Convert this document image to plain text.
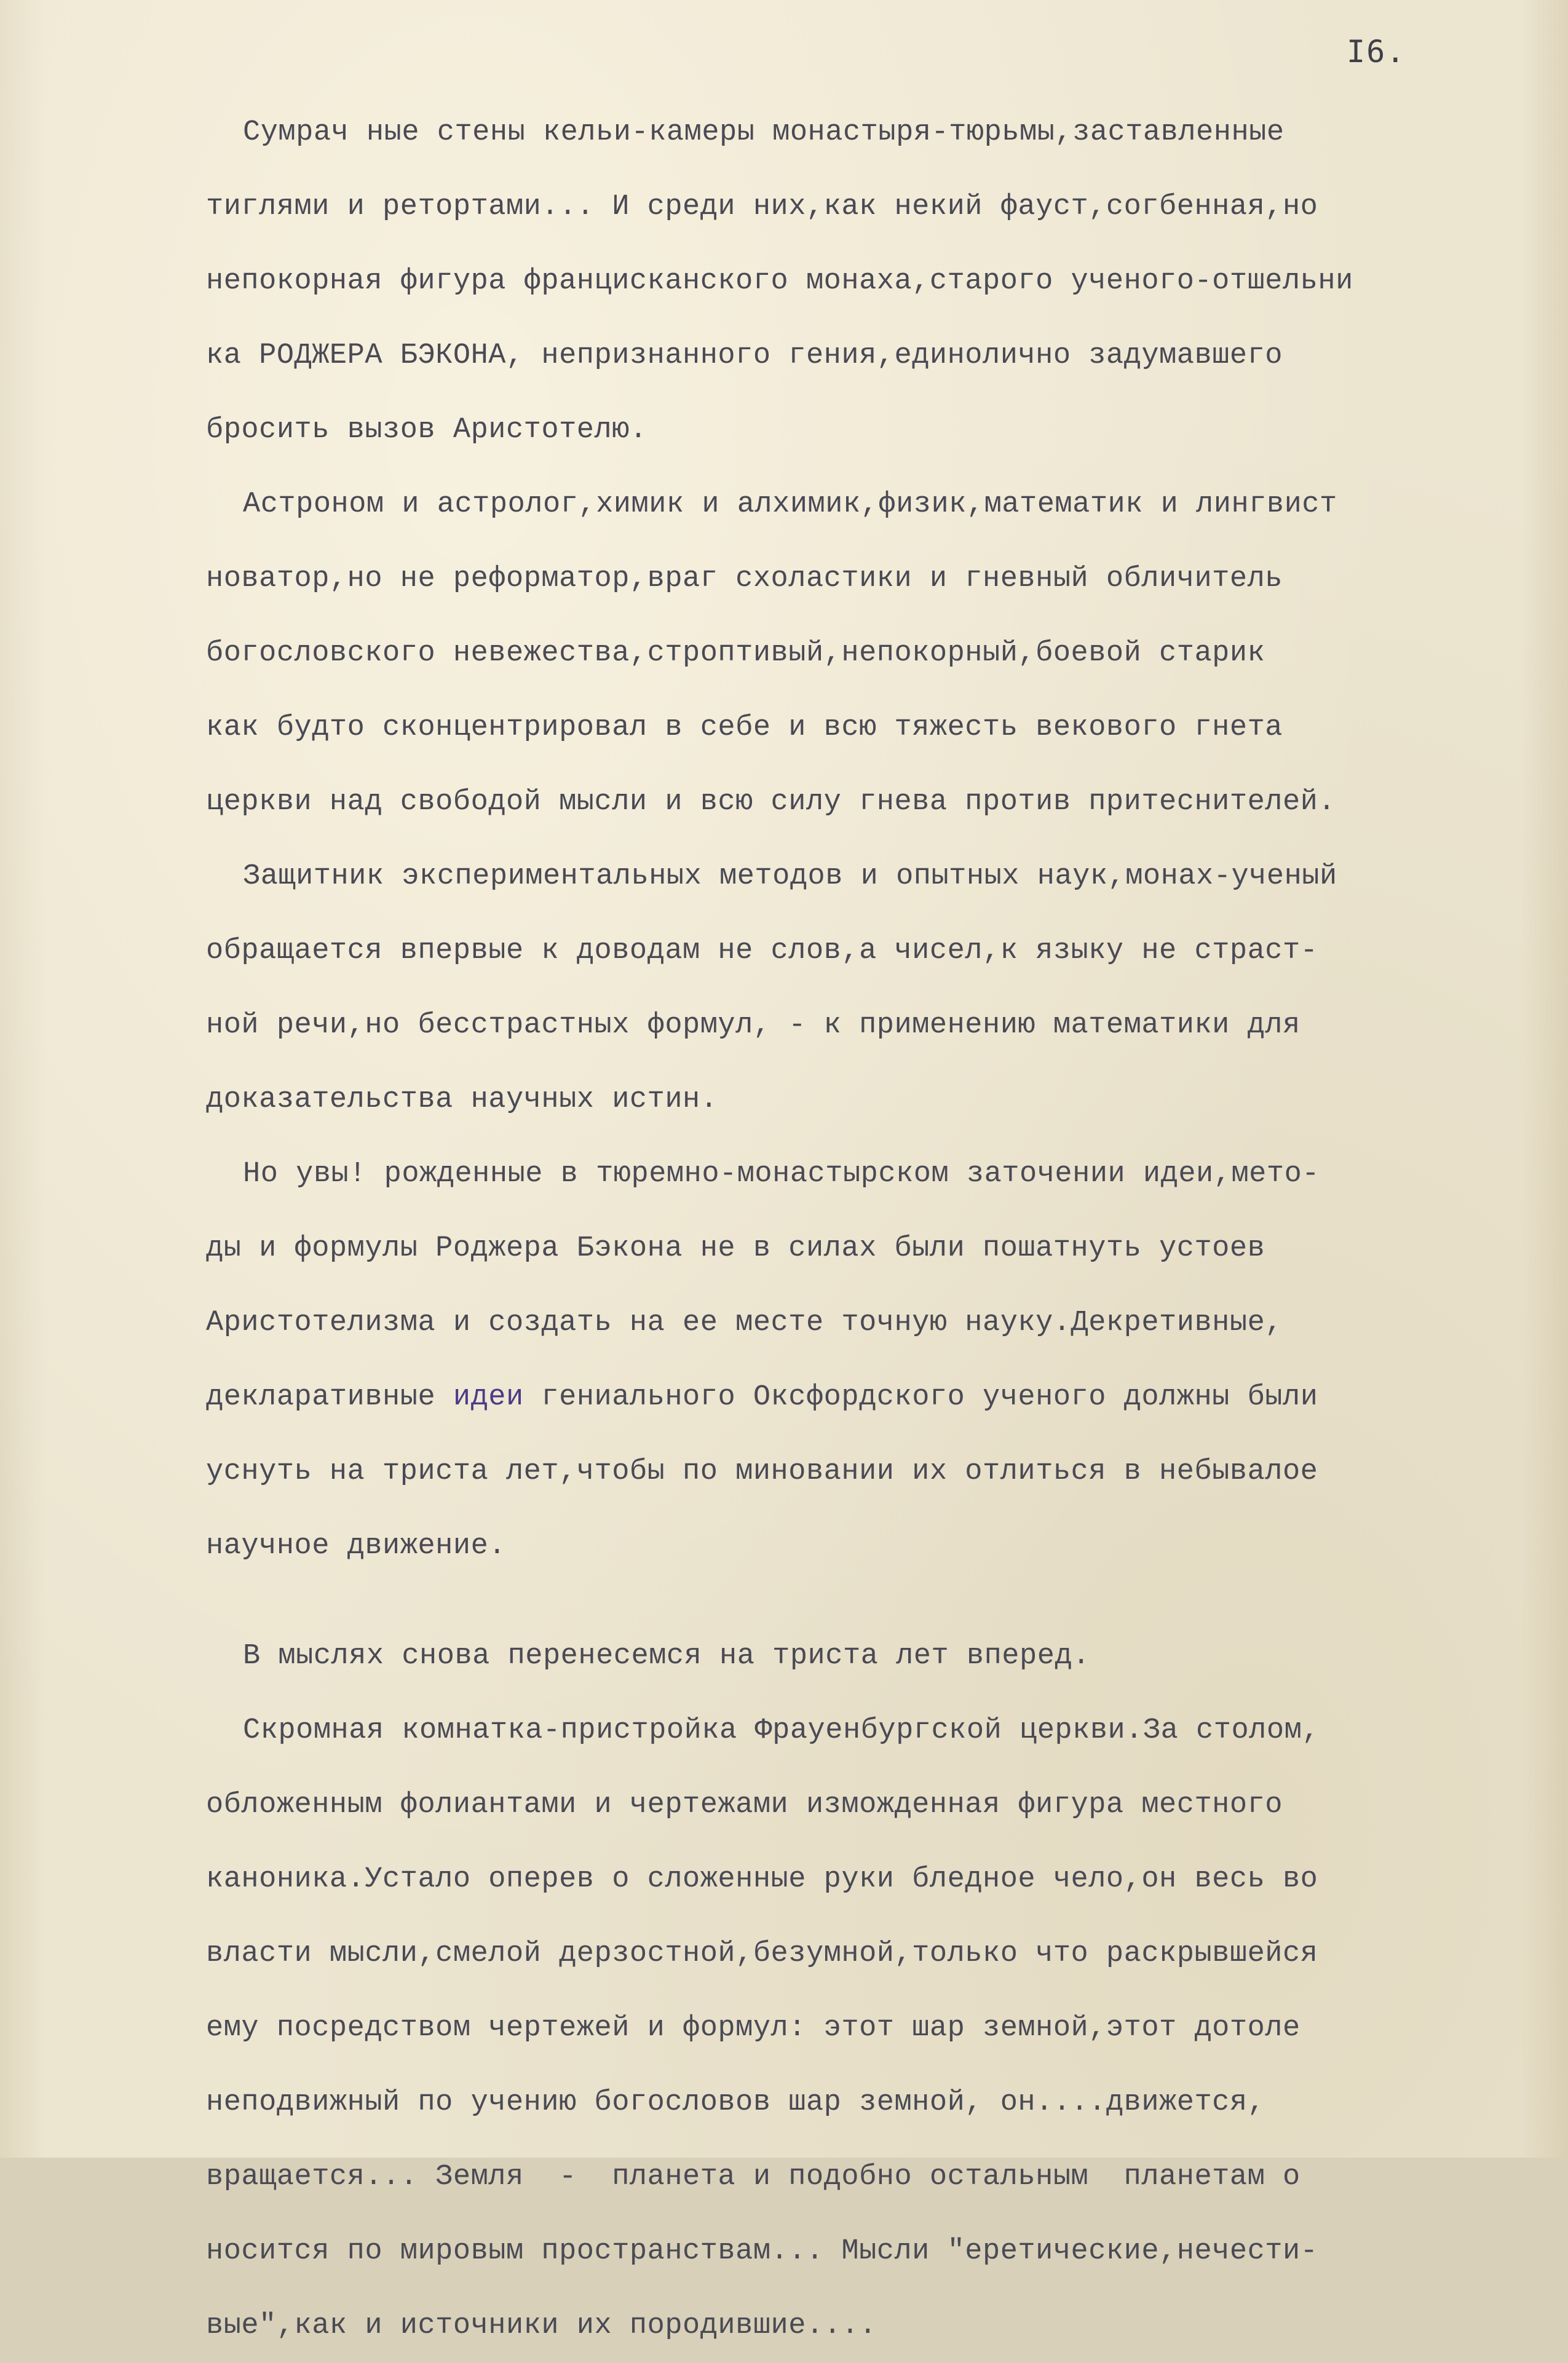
I6.
Сумрач ные стены кельи-камеры монастыря-тюрьмы,заставленные
тиглями и ретортами... И среди них,как некий фауст,согбенная,но
непокорная фигура францисканского монаха,старого ученого-отшельни
ка РОДЖЕРА БЭКОНА, непризнанного гения,единолично задумавшего
бросить вызов Аристотелю.
Астроном и астролог,химик и алхимик,физик,математик и лингвист
новатор,но не реформатор,враг схоластики и гневный обличитель
богословского невежества,строптивый,непокорный,боевой старик
как будто сконцентрировал в себе и всю тяжесть векового гнета
церкви над свободой мысли и всю силу гнева против притеснителей.
Защитник экспериментальных методов и опытных наук,монах-ученый
обращается впервые к доводам не слов,а чисел,к языку не страст-
ной речи,но бесстрастных формул, - к применению математики для
доказательства научных истин.
Но увы! рожденные в тюремно-монастырском заточении идеи,мето-
ды и формулы Роджера Бэкона не в силах были пошатнуть устоев
Аристотелизма и создать на ее месте точную науку.Декретивные,
декларативные идеи гениального Оксфордского ученого должны были
уснуть на триста лет,чтобы по миновании их отлиться в небывалое
научное движение.
В мыслях снова перенесемся на триста лет вперед.
Скромная комнатка-пристройка Фрауенбургской церкви.За столом,
обложенным фолиантами и чертежами изможденная фигура местного
каноника.Устало оперев о сложенные руки бледное чело,он весь во
власти мысли,смелой дерзостной,безумной,только что раскрывшейся
ему посредством чертежей и формул: этот шар земной,этот дотоле
неподвижный по учению богословов шар земной, он....движется,
вращается... Земля  -  планета и подобно остальным  планетам о
носится по мировым пространствам... Мысли "еретические,нечести-
вые",как и источники их породившие....
